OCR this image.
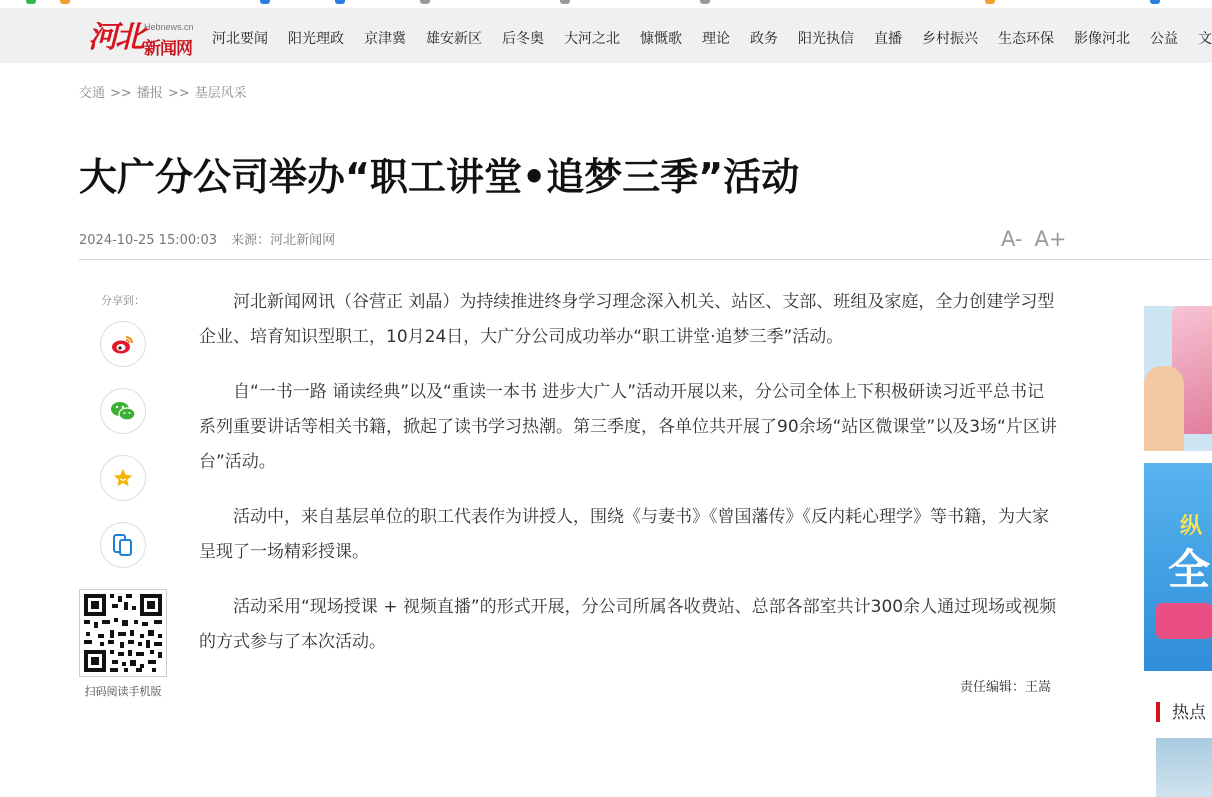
河北 Hebnews.cn
新闻网 河北要闻 阳光理政 京津冀 雄安新区 后冬奥 大河之北 慷慨歌 理论 政务 阳光执信 直播 乡村振兴 生态环保 影像河北 公益 文
交通 >> 播报 >> 基层风采
大广分公司举办“职工讲堂•追梦三季”活动
2024-10-25 15:00:03 来源：河北新闻网	A- A+
分享到：
扫码阅读手机版

河北新闻网讯（谷营正 刘晶）为持续推进终身学习理念深入机关、站区、支部、班组及家庭，全力创建学习型企业、培育知识型职工，10月24日，大广分公司成功举办“职工讲堂·追梦三季”活动。

自“一书一路 诵读经典”以及“重读一本书 进步大广人”活动开展以来，分公司全体上下积极研读习近平总书记系列重要讲话等相关书籍，掀起了读书学习热潮。第三季度，各单位共开展了90余场“站区微课堂”以及3场“片区讲台”活动。

活动中，来自基层单位的职工代表作为讲授人，围绕《与妻书》《曾国藩传》《反内耗心理学》等书籍，为大家呈现了一场精彩授课。

活动采用“现场授课 + 视频直播”的形式开展，分公司所属各收费站、总部各部室共计300余人通过现场或视频的方式参与了本次活动。

责任编辑：王嵩
纵
全
热点
